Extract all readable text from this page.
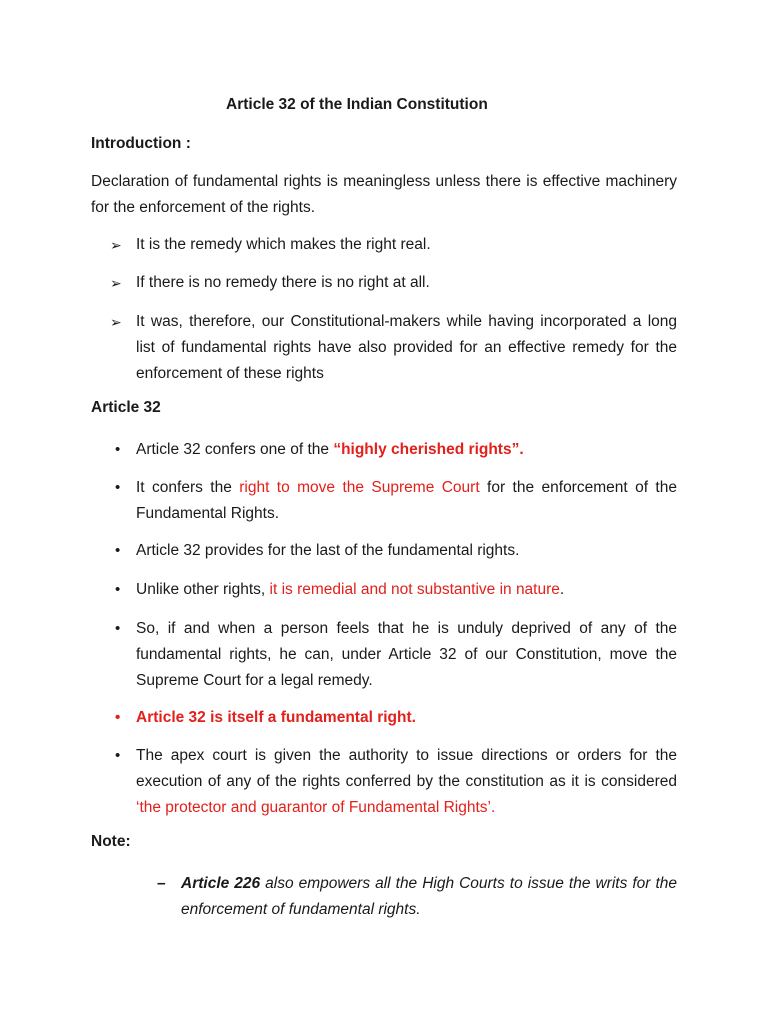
Article 32 of the Indian Constitution
Introduction :
Declaration of fundamental rights is meaningless unless there is effective machinery for the enforcement of the rights.
➢ It is the remedy which makes the right real.
➢ If there is no remedy there is no right at all.
➢ It was, therefore, our Constitutional-makers while having incorporated a long list of fundamental rights have also provided for an effective remedy for the enforcement of these rights
Article 32
• Article 32 confers one of the “highly cherished rights”.
• It confers the right to move the Supreme Court for the enforcement of the Fundamental Rights.
• Article 32 provides for the last of the fundamental rights.
• Unlike other rights, it is remedial and not substantive in nature.
• So, if and when a person feels that he is unduly deprived of any of the fundamental rights, he can, under Article 32 of our Constitution, move the Supreme Court for a legal remedy.
• Article 32 is itself a fundamental right.
• The apex court is given the authority to issue directions or orders for the execution of any of the rights conferred by the constitution as it is considered ‘the protector and guarantor of Fundamental Rights’.
Note:
– Article 226 also empowers all the High Courts to issue the writs for the enforcement of fundamental rights.
